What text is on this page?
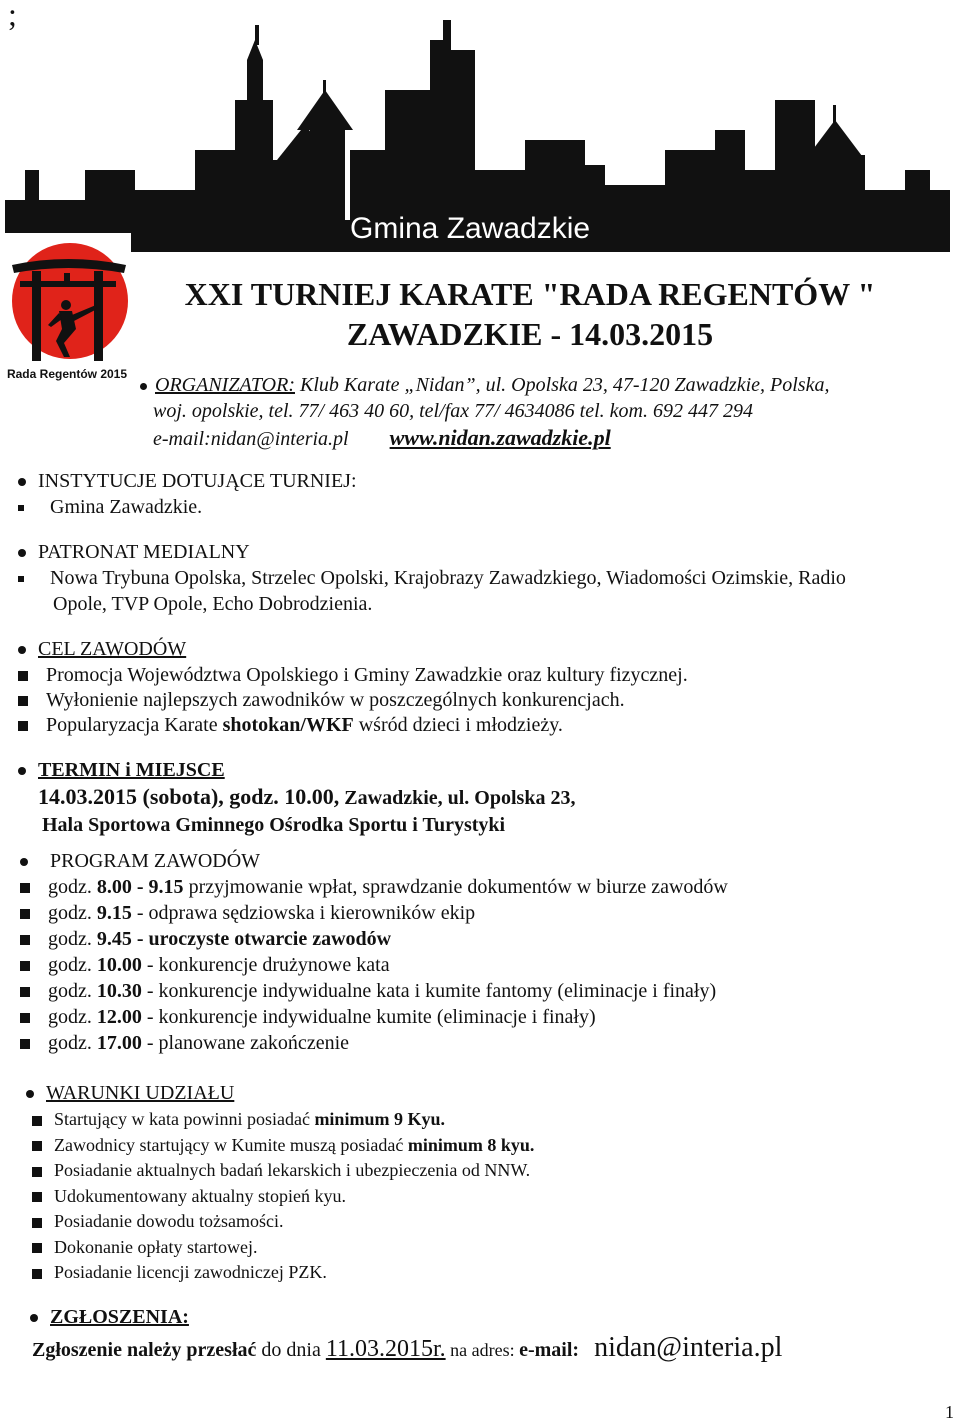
;
Gmina Zawadzkie
Rada Regentów 2015
XXI TURNIEJ KARATE "RADA REGENTÓW "
ZAWADZKIE - 14.03.2015
ORGANIZATOR: Klub Karate „Nidan”, ul. Opolska 23, 47-120 Zawadzkie, Polska,
woj. opolskie, tel. 77/ 463 40 60, tel/fax 77/ 4634086 tel. kom. 692 447 294
e-mail:nidan@interia.pl www.nidan.zawadzkie.pl
INSTYTUCJE DOTUJĄCE TURNIEJ:
Gmina Zawadzkie.
PATRONAT MEDIALNY
Nowa Trybuna Opolska, Strzelec Opolski, Krajobrazy Zawadzkiego, Wiadomości Ozimskie, Radio
Opole, TVP Opole, Echo Dobrodzienia.
CEL ZAWODÓW
Promocja Województwa Opolskiego i Gminy Zawadzkie oraz kultury fizycznej.
Wyłonienie najlepszych zawodników w poszczególnych konkurencjach.
Popularyzacja Karate shotokan/WKF wśród dzieci i młodzieży.
TERMIN i MIEJSCE
14.03.2015 (sobota), godz. 10.00, Zawadzkie, ul. Opolska 23,
Hala Sportowa Gminnego Ośrodka Sportu i Turystyki
PROGRAM ZAWODÓW
godz. 8.00 - 9.15 przyjmowanie wpłat, sprawdzanie dokumentów w biurze zawodów
godz. 9.15 - odprawa sędziowska i kierowników ekip
godz. 9.45 - uroczyste otwarcie zawodów
godz. 10.00 - konkurencje drużynowe kata
godz. 10.30 - konkurencje indywidualne kata i kumite fantomy (eliminacje i finały)
godz. 12.00 - konkurencje indywidualne kumite (eliminacje i finały)
godz. 17.00 - planowane zakończenie
WARUNKI UDZIAŁU
Startujący w kata powinni posiadać minimum 9 Kyu.
Zawodnicy startujący w Kumite muszą posiadać minimum 8 kyu.
Posiadanie aktualnych badań lekarskich i ubezpieczenia od NNW.
Udokumentowany aktualny stopień kyu.
Posiadanie dowodu tożsamości.
Dokonanie opłaty startowej.
Posiadanie licencji zawodniczej PZK.
ZGŁOSZENIA:
Zgłoszenie należy przesłać do dnia 11.03.2015r. na adres: e-mail: nidan@interia.pl
1
